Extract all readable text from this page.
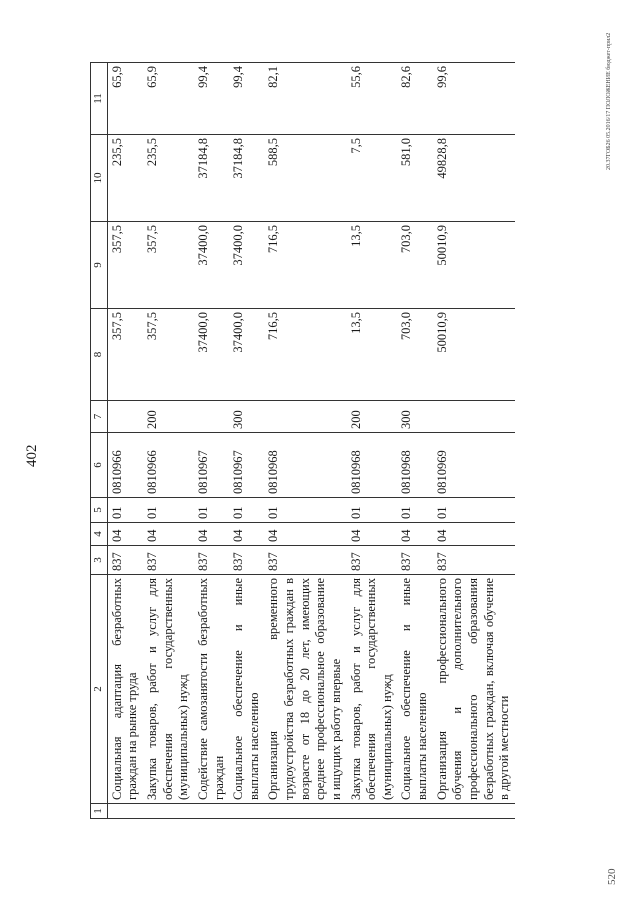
402
1	2	3	4	5	6	7	8	9	10	11
	Социальная адаптация безработных граждан на рынке труда	837	04	01	0810966		357,5	357,5	235,5	65,9
	Закупка товаров, работ и услуг для обеспечения государственных (муниципальных) нужд	837	04	01	0810966	200	357,5	357,5	235,5	65,9
	Содействие самозанятости безработных граждан	837	04	01	0810967		37400,0	37400,0	37184,8	99,4
	Социальное обеспечение и иные выплаты населению	837	04	01	0810967	300	37400,0	37400,0	37184,8	99,4
	Организация временного трудоустройства безработных граждан в возрасте от 18 до 20 лет, имеющих среднее профессиональное образование и ищущих работу впервые	837	04	01	0810968		716,5	716,5	588,5	82,1
	Закупка товаров, работ и услуг для обеспечения государственных (муниципальных) нужд	837	04	01	0810968	200	13,5	13,5	7,5	55,6
	Социальное обеспечение и иные выплаты населению	837	04	01	0810968	300	703,0	703,0	581,0	82,6
	Организация профессионального обучения и дополнительного профессионального образования безработных граждан, включая обучение в другой местности	837	04	01	0810969		50010,9	50010,9	49828,8	99,6
520
20.37ГОБ26 05.2016/17 ПОЛОЖЕНИЕ бюджет-прил2
